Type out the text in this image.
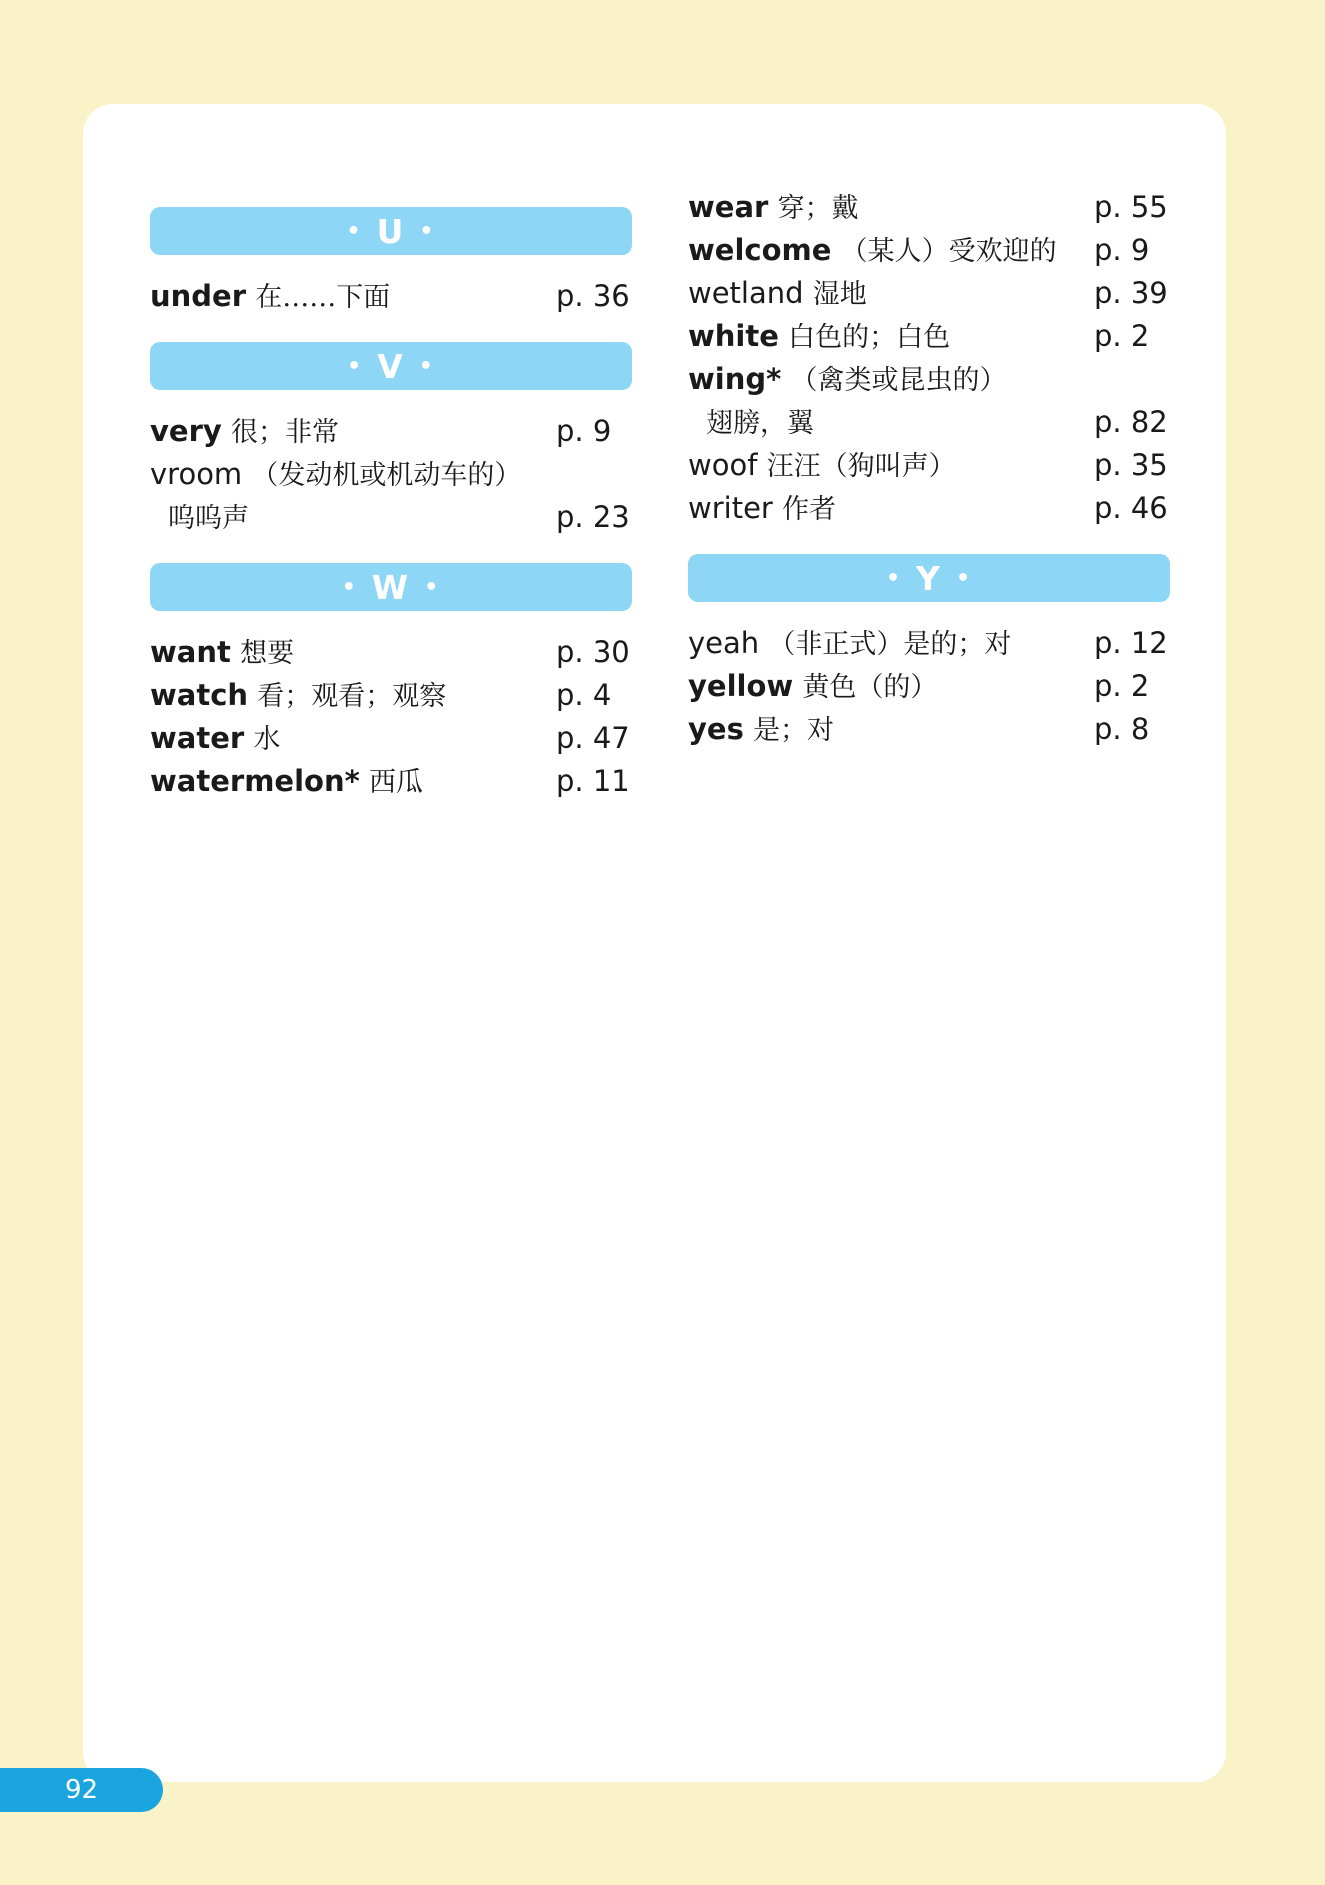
• U •
under 在……下面	p. 36
• V •
very 很；非常	p. 9
vroom （发动机或机动车的）
呜呜声	p. 23
• W •
want 想要	p. 30
watch 看；观看；观察	p. 4
water 水	p. 47
watermelon* 西瓜	p. 11
wear 穿；戴	p. 55
welcome （某人）受欢迎的 p. 9
wetland 湿地	p. 39
white 白色的；白色	p. 2
wing* （禽类或昆虫的）
翅膀，翼	p. 82
woof 汪汪（狗叫声）	p. 35
writer 作者	p. 46
• Y •
yeah （非正式）是的；对	p. 12
yellow 黄色（的）	p. 2
yes 是；对	p. 8
92
